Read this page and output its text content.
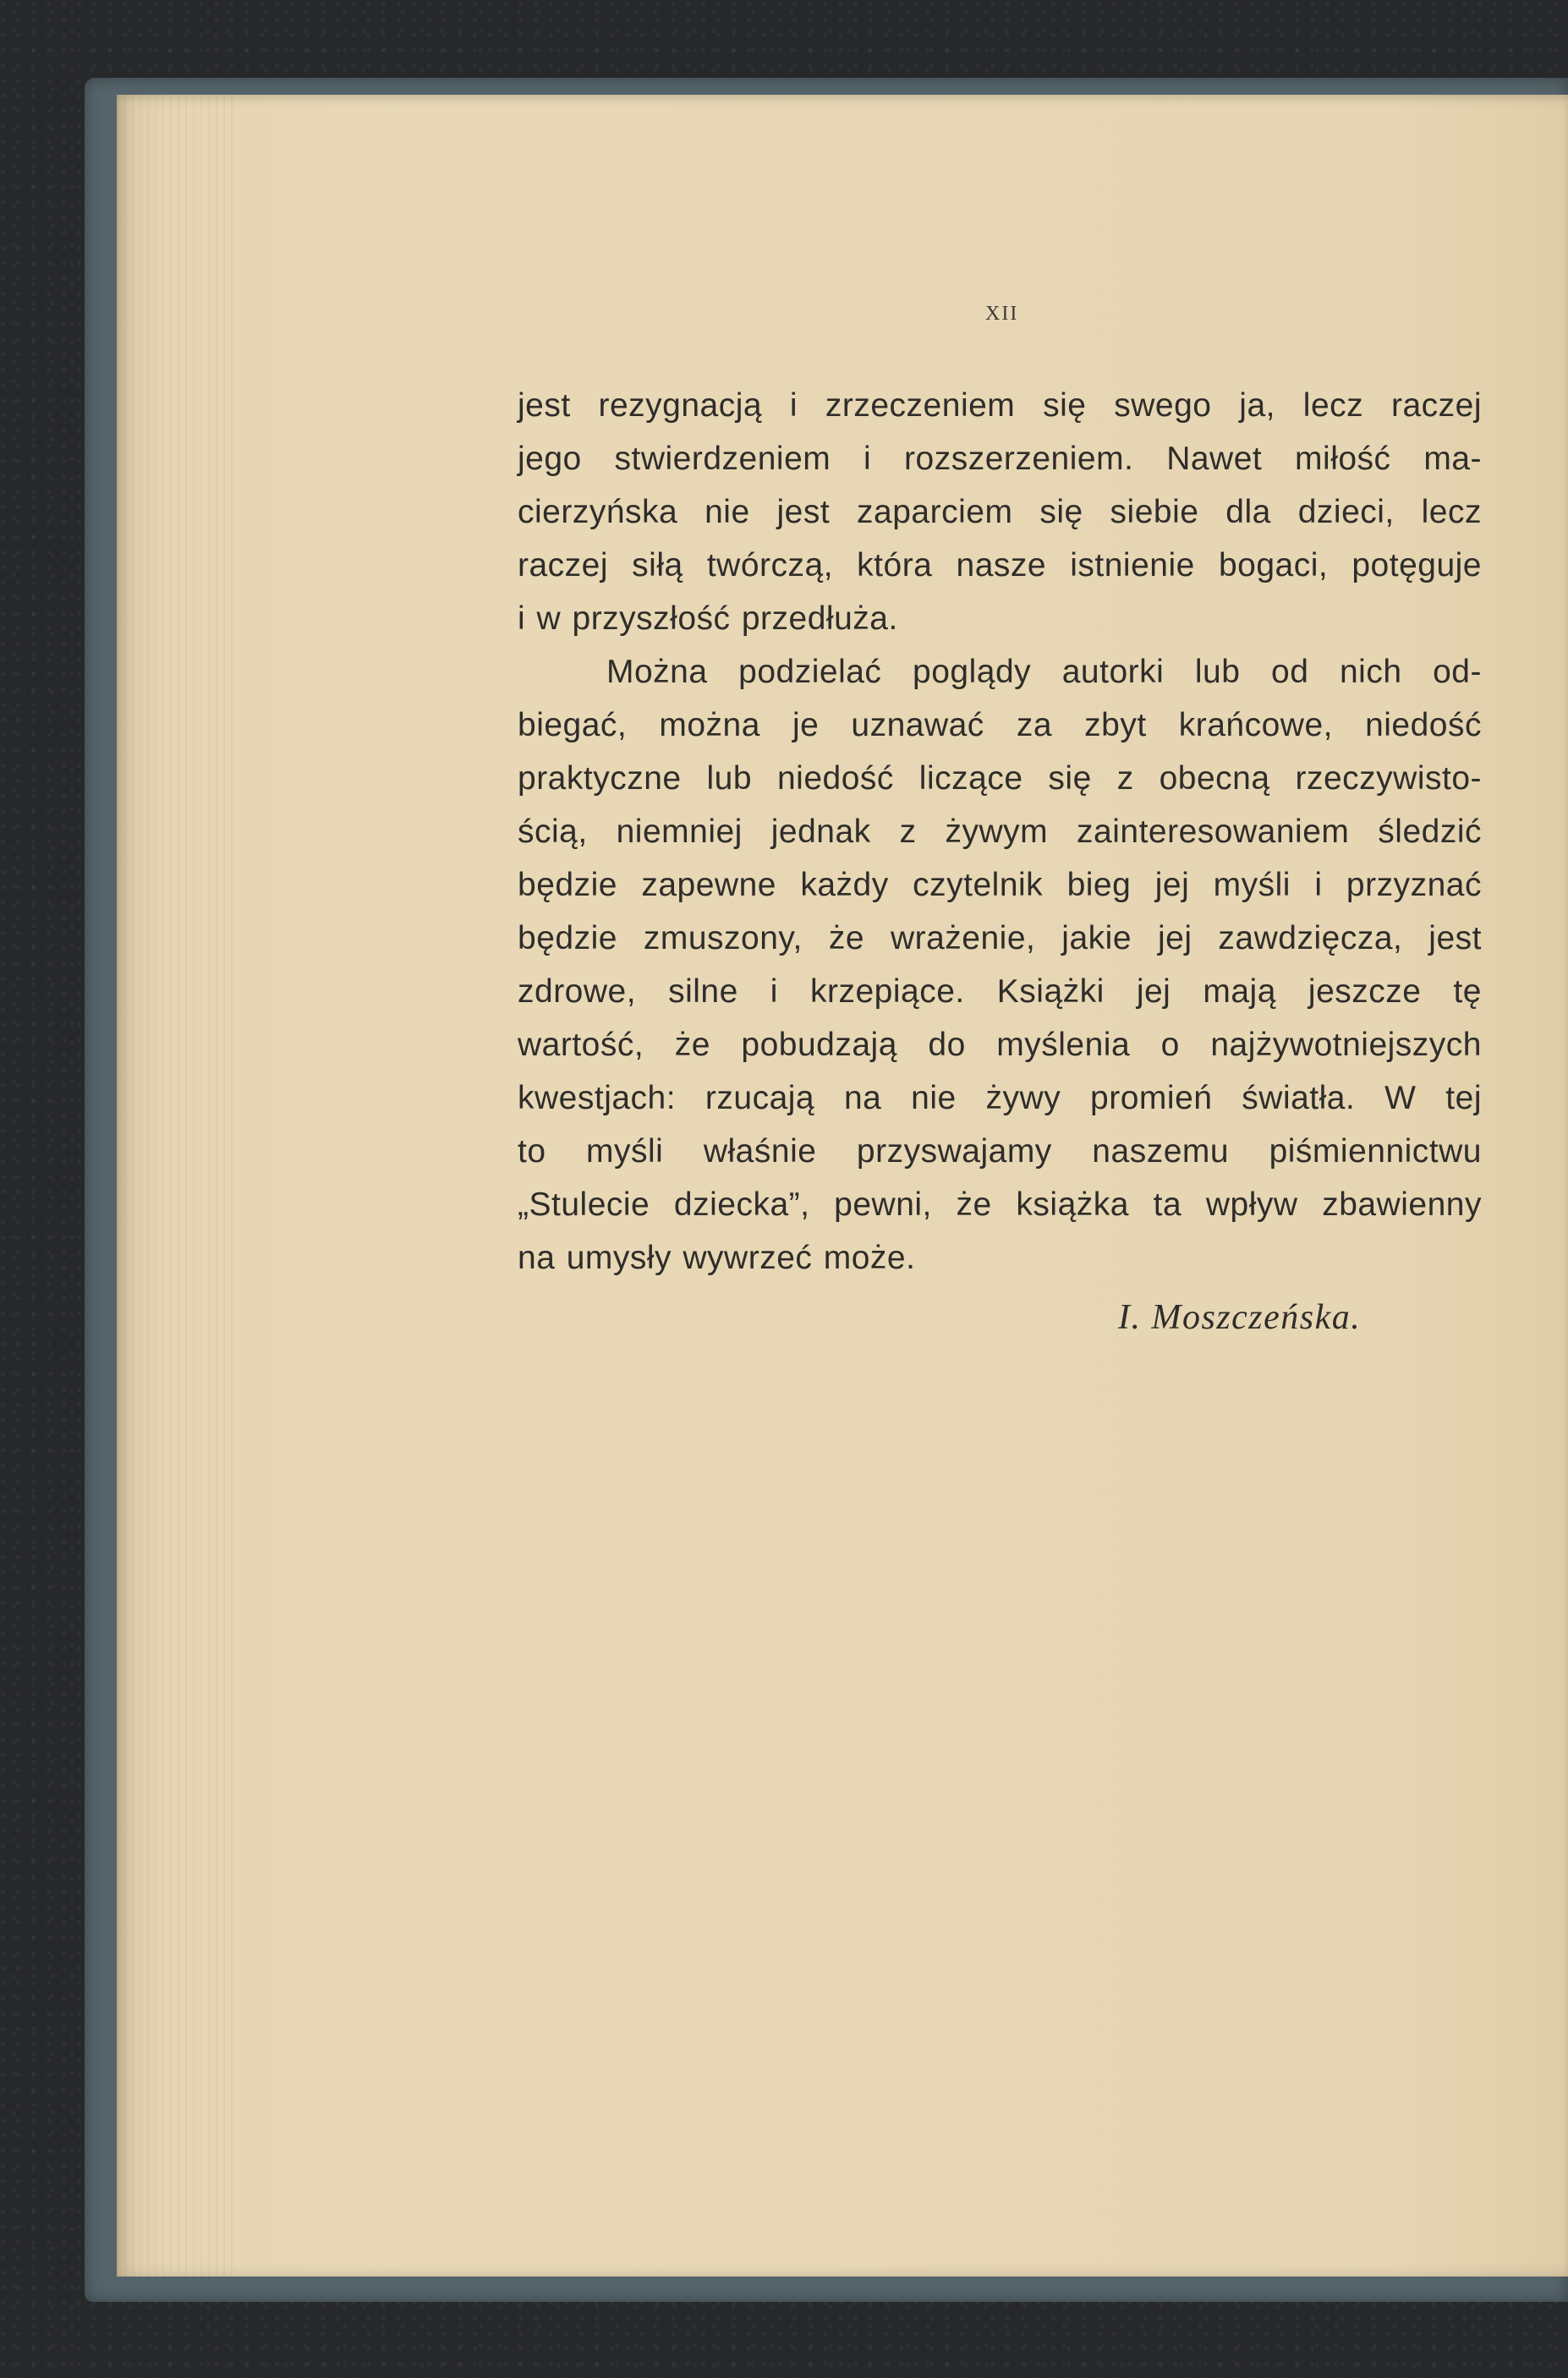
XII
jest rezygnacją i zrzeczeniem się swego ja, lecz raczej
jego stwierdzeniem i rozszerzeniem. Nawet miłość ma-
cierzyńska nie jest zaparciem się siebie dla dzieci, lecz
raczej siłą twórczą, która nasze istnienie bogaci, potęguje
i w przyszłość przedłuża.
Można podzielać poglądy autorki lub od nich od-
biegać, można je uznawać za zbyt krańcowe, niedość
praktyczne lub niedość liczące się z obecną rzeczywisto-
ścią, niemniej jednak z żywym zainteresowaniem śledzić
będzie zapewne każdy czytelnik bieg jej myśli i przyznać
będzie zmuszony, że wrażenie, jakie jej zawdzięcza, jest
zdrowe, silne i krzepiące. Książki jej mają jeszcze tę
wartość, że pobudzają do myślenia o najżywotniejszych
kwestjach: rzucają na nie żywy promień światła. W tej
to myśli właśnie przyswajamy naszemu piśmiennictwu
„Stulecie dziecka”, pewni, że książka ta wpływ zbawienny
na umysły wywrzeć może.
I. Moszczeńska.
